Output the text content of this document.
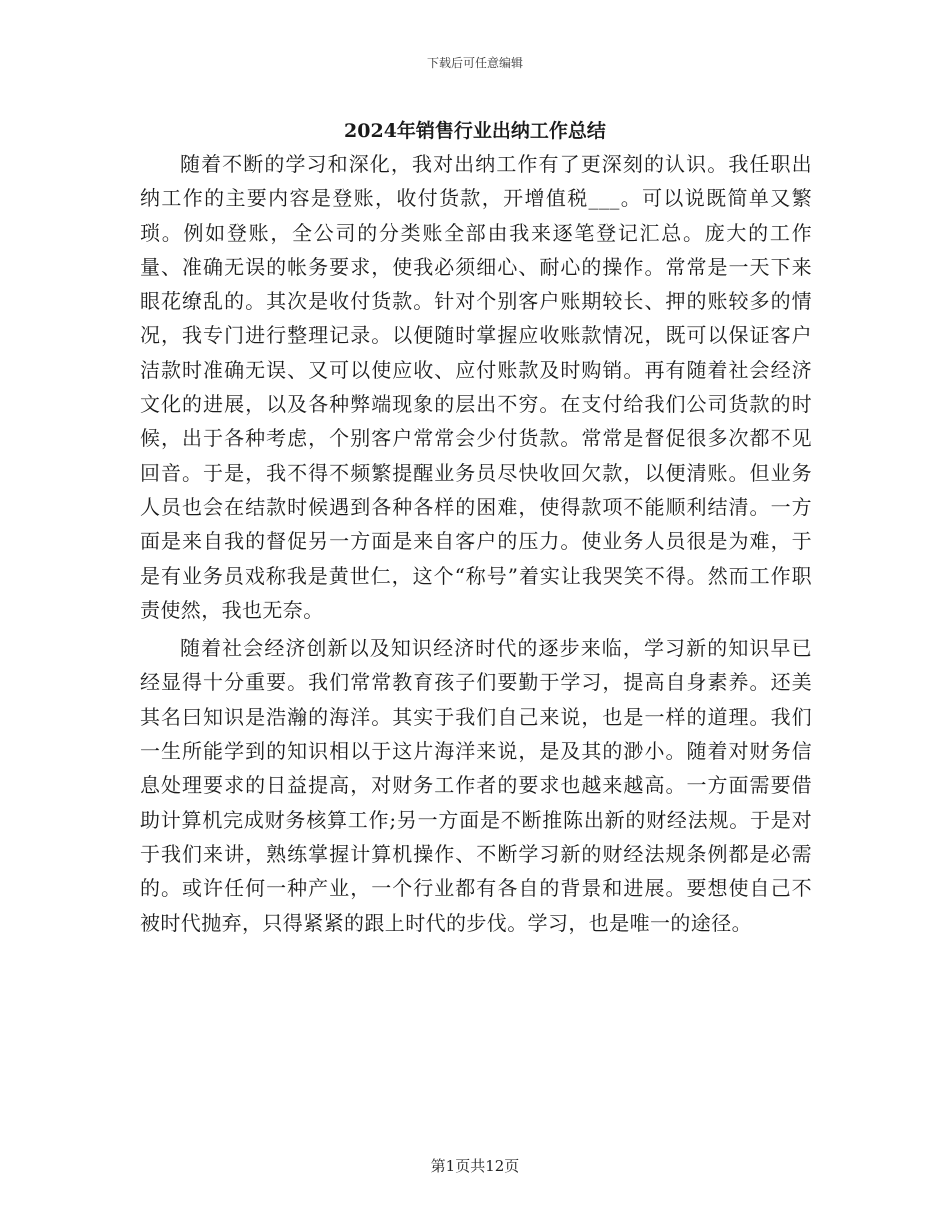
下载后可任意编辑
2024年销售行业出纳工作总结

随着不断的学习和深化，我对出纳工作有了更深刻的认识。我任职出纳工作的主要内容是登账，收付货款，开增值税___。可以说既简单又繁琐。例如登账，全公司的分类账全部由我来逐笔登记汇总。庞大的工作量、准确无误的帐务要求，使我必须细心、耐心的操作。常常是一天下来眼花缭乱的。其次是收付货款。针对个别客户账期较长、押的账较多的情况，我专门进行整理记录。以便随时掌握应收账款情况，既可以保证客户洁款时准确无误、又可以使应收、应付账款及时购销。再有随着社会经济文化的进展，以及各种弊端现象的层出不穷。在支付给我们公司货款的时候，出于各种考虑，个别客户常常会少付货款。常常是督促很多次都不见回音。于是，我不得不频繁提醒业务员尽快收回欠款，以便清账。但业务人员也会在结款时候遇到各种各样的困难，使得款项不能顺利结清。一方面是来自我的督促另一方面是来自客户的压力。使业务人员很是为难，于是有业务员戏称我是黄世仁，这个“称号”着实让我哭笑不得。然而工作职责使然，我也无奈。

随着社会经济创新以及知识经济时代的逐步来临，学习新的知识早已经显得十分重要。我们常常教育孩子们要勤于学习，提高自身素养。还美其名曰知识是浩瀚的海洋。其实于我们自己来说，也是一样的道理。我们一生所能学到的知识相以于这片海洋来说，是及其的渺小。随着对财务信息处理要求的日益提高，对财务工作者的要求也越来越高。一方面需要借助计算机完成财务核算工作;另一方面是不断推陈出新的财经法规。于是对于我们来讲，熟练掌握计算机操作、不断学习新的财经法规条例都是必需的。或许任何一种产业，一个行业都有各自的背景和进展。要想使自己不被时代抛弃，只得紧紧的跟上时代的步伐。学习，也是唯一的途径。

第1页共12页
